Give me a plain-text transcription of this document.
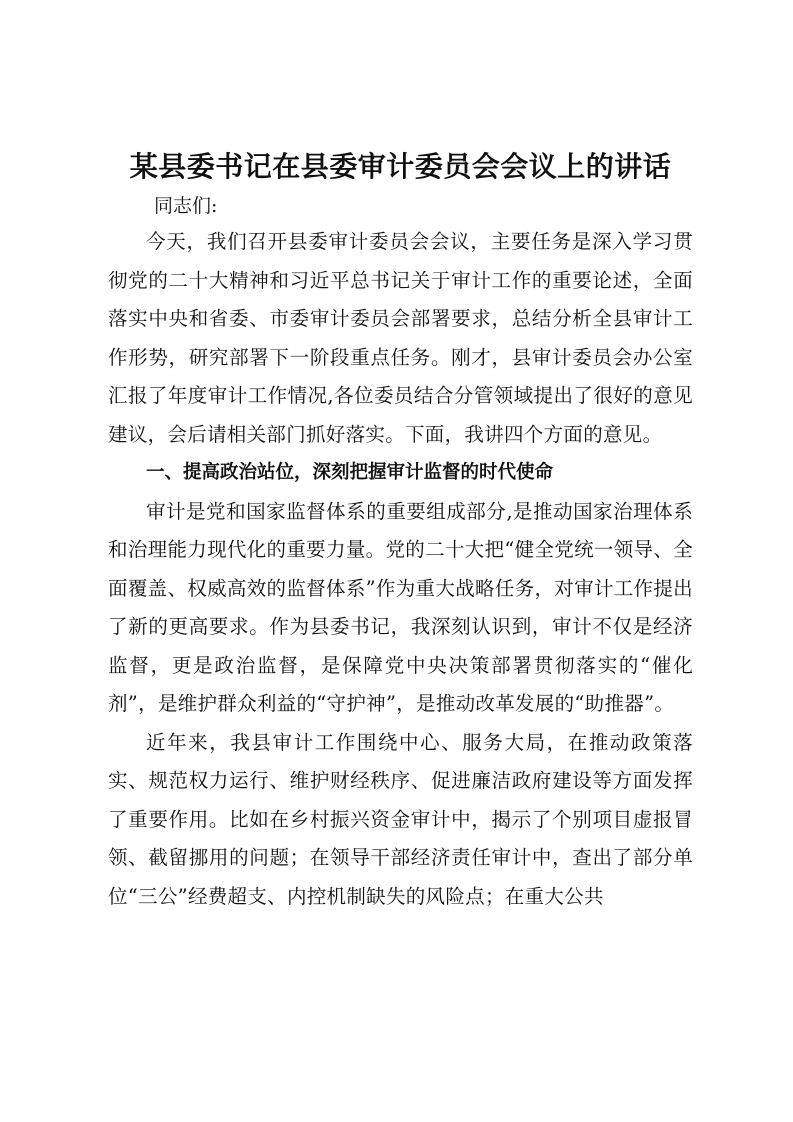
某县委书记在县委审计委员会会议上的讲话

同志们:

今天，我们召开县委审计委员会会议，主要任务是深入学习贯彻党的二十大精神和习近平总书记关于审计工作的重要论述，全面落实中央和省委、市委审计委员会部署要求，总结分析全县审计工作形势，研究部署下一阶段重点任务。刚才，县审计委员会办公室汇报了年度审计工作情况,各位委员结合分管领域提出了很好的意见建议，会后请相关部门抓好落实。下面，我讲四个方面的意见。

一、提高政治站位，深刻把握审计监督的时代使命

审计是党和国家监督体系的重要组成部分,是推动国家治理体系和治理能力现代化的重要力量。党的二十大把“健全党统一领导、全面覆盖、权威高效的监督体系”作为重大战略任务，对审计工作提出了新的更高要求。作为县委书记，我深刻认识到，审计不仅是经济监督，更是政治监督，是保障党中央决策部署贯彻落实的“催化剂”，是维护群众利益的“守护神”，是推动改革发展的“助推器”。

近年来，我县审计工作围绕中心、服务大局，在推动政策落实、规范权力运行、维护财经秩序、促进廉洁政府建设等方面发挥了重要作用。比如在乡村振兴资金审计中，揭示了个别项目虚报冒领、截留挪用的问题；在领导干部经济责任审计中，查出了部分单位“三公”经费超支、内控机制缺失的风险点；在重大公共
